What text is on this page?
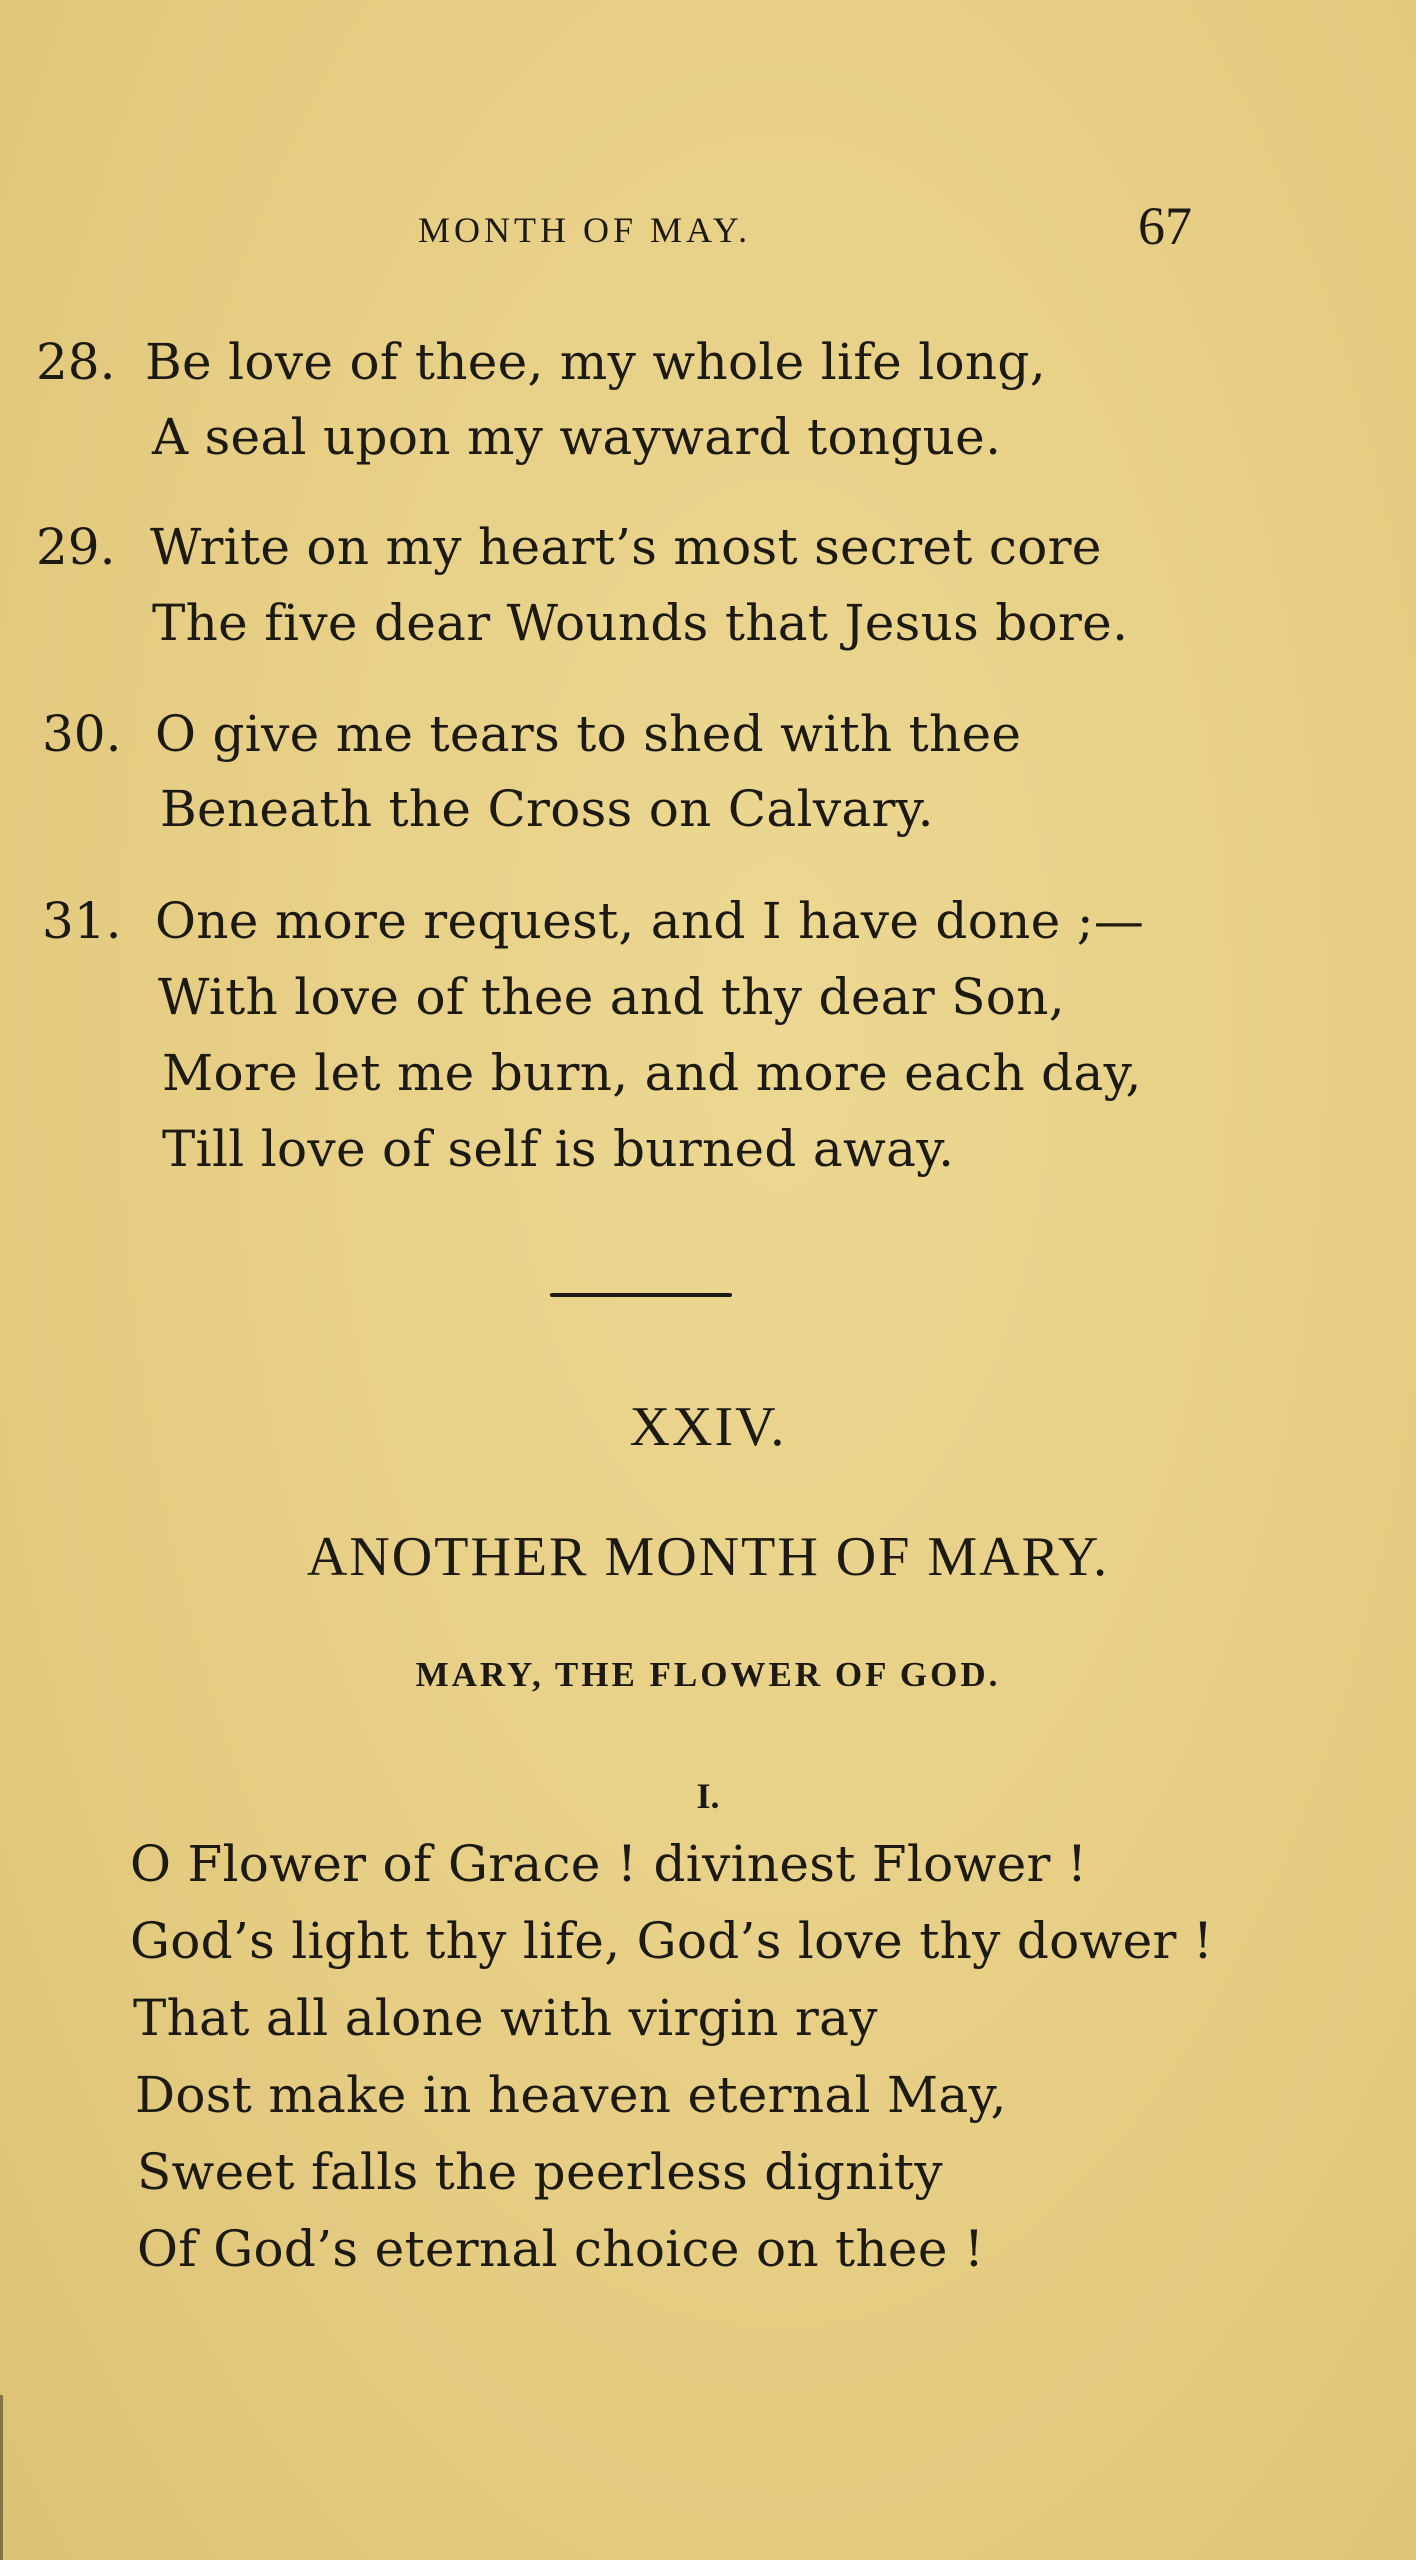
MONTH OF MAY.	67
28. Be love of thee, my whole life long,
A seal upon my wayward tongue.
29. Write on my heart’s most secret core
The five dear Wounds that Jesus bore.
30. O give me tears to shed with thee
Beneath the Cross on Calvary.
31. One more request, and I have done ;—
With love of thee and thy dear Son,
More let me burn, and more each day,
Till love of self is burned away.
XXIV.
ANOTHER MONTH OF MARY.
MARY, THE FLOWER OF GOD.
I.
O Flower of Grace ! divinest Flower !
God’s light thy life, God’s love thy dower !
That all alone with virgin ray
Dost make in heaven eternal May,
Sweet falls the peerless dignity
Of God’s eternal choice on thee !
